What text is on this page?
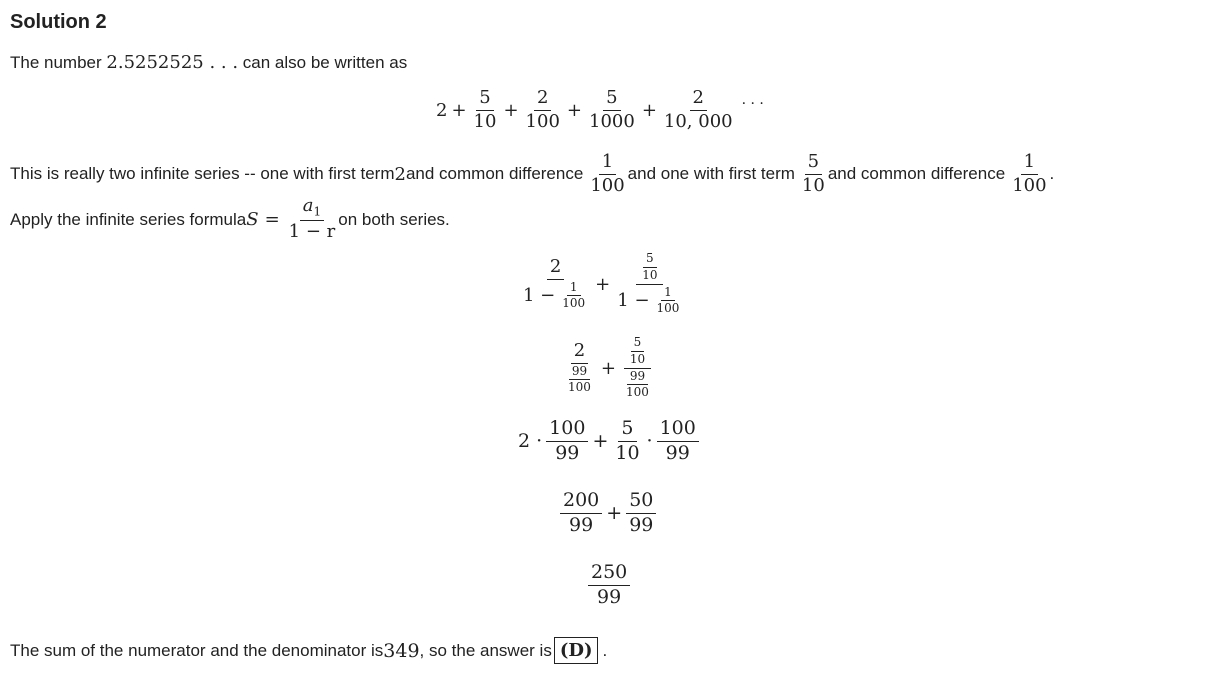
Solution 2
The number 2.5252525 . . . can also be written as
$2 + \frac{5}{10} + \frac{2}{100} + \frac{5}{1000} + \frac{2}{10, 000}$ · · ·
This is really two infinite series -- one with first term 2 and common difference $\frac{1}{100}$ and one with first term $\frac{5}{10}$ and common difference $\frac{1}{100}$ .
Apply the infinite series formula $S = \frac{a_1}{1 - r}$ on both series.
$\frac{2}{1 - \frac{1}{100}} + \frac{\frac{5}{10}}{1 - \frac{1}{100}}$
$\frac{2}{\frac{99}{100}} + \frac{\frac{5}{10}}{\frac{99}{100}}$
$2 \cdot \frac{100}{99} + \frac{5}{10} \cdot \frac{100}{99}$
$\frac{200}{99} + \frac{50}{99}$
$\frac{250}{99}$
The sum of the numerator and the denominator is 349 , so the answer is (D) .
